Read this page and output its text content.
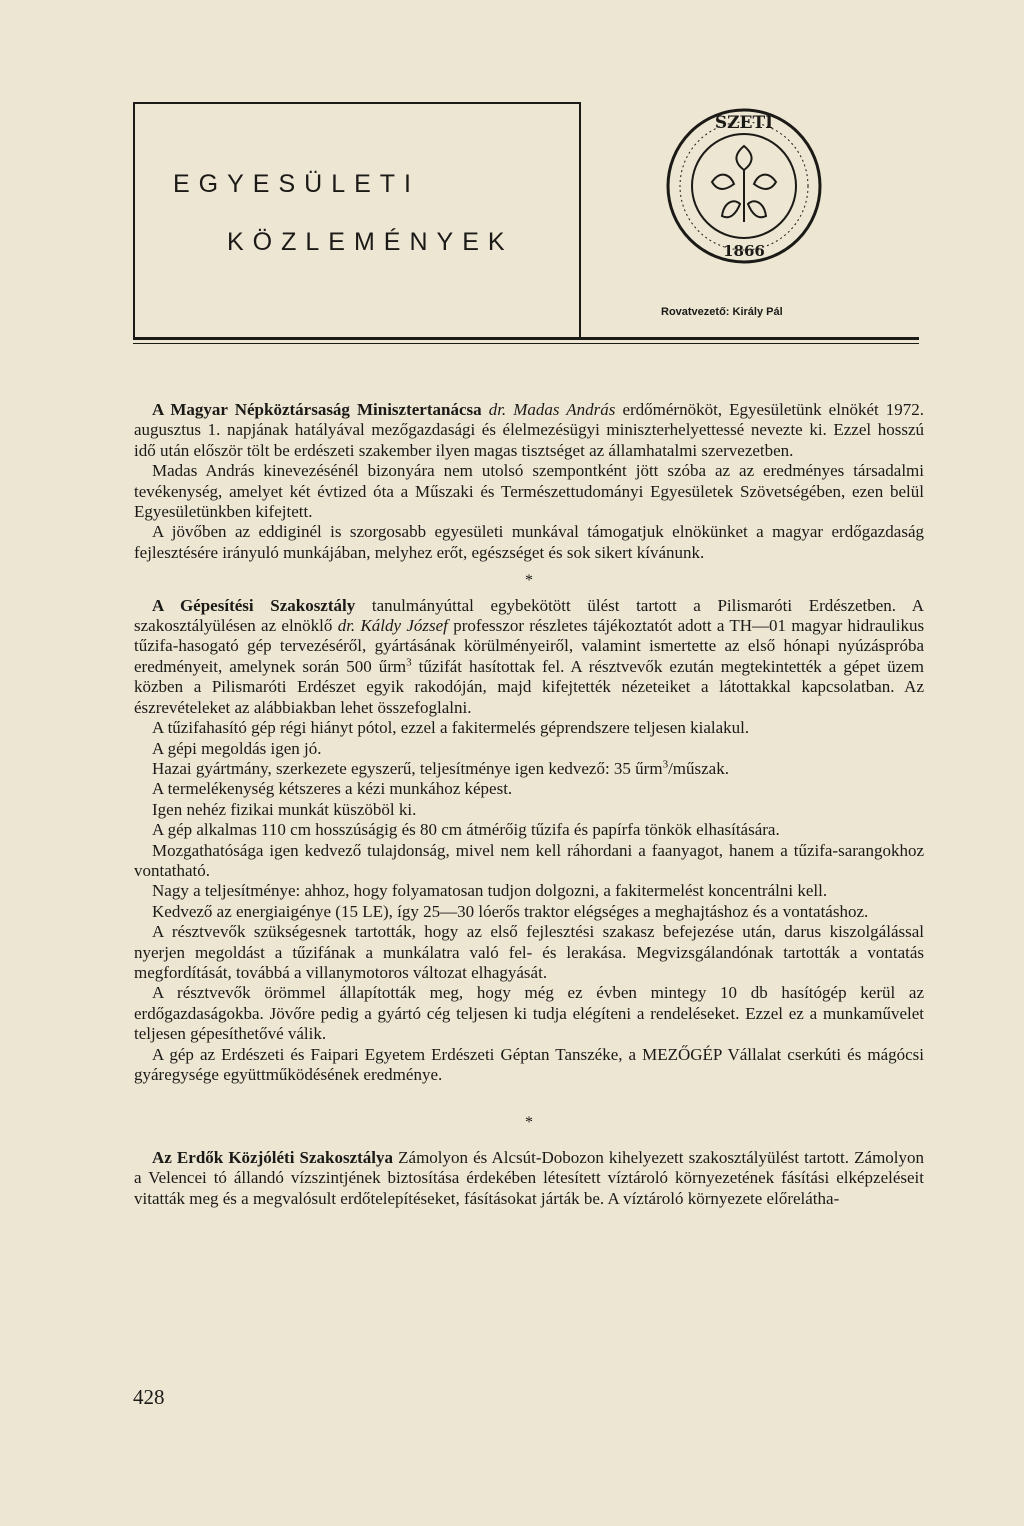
EGYESÜLETI
KÖZLEMÉNYEK
SZETI
1866
Rovatvezető: Király Pál

A Magyar Népköztársaság Minisztertanácsa dr. Madas András erdőmérnököt, Egyesületünk elnökét 1972. augusztus 1. napjának hatályával mezőgazdasági és élelmezésügyi miniszterhelyettessé nevezte ki. Ezzel hosszú idő után először tölt be erdészeti szakember ilyen magas tisztséget az államhatalmi szervezetben.

Madas András kinevezésénél bizonyára nem utolsó szempontként jött szóba az az eredményes társadalmi tevékenység, amelyet két évtized óta a Műszaki és Természettudományi Egyesületek Szövetségében, ezen belül Egyesületünkben kifejtett.

A jövőben az eddiginél is szorgosabb egyesületi munkával támogatjuk elnökünket a magyar erdőgazdaság fejlesztésére irányuló munkájában, melyhez erőt, egészséget és sok sikert kívánunk.

*

A Gépesítési Szakosztály tanulmányúttal egybekötött ülést tartott a Pilismaróti Erdészetben. A szakosztályülésen az elnöklő dr. Káldy József professzor részletes tájékoztatót adott a TH—01 magyar hidraulikus tűzifa-hasogató gép tervezéséről, gyártásának körülményeiről, valamint ismertette az első hónapi nyúzáspróba eredményeit, amelynek során 500 űrm$^3$ tűzifát hasítottak fel. A résztvevők ezután megtekintették a gépet üzem közben a Pilismaróti Erdészet egyik rakodóján, majd kifejtették nézeteiket a látottakkal kapcsolatban. Az észrevételeket az alábbiakban lehet összefoglalni.

A tűzifahasító gép régi hiányt pótol, ezzel a fakitermelés géprendszere teljesen kialakul.

A gépi megoldás igen jó.

Hazai gyártmány, szerkezete egyszerű, teljesítménye igen kedvező: 35 űrm$^3$/műszak.

A termelékenység kétszeres a kézi munkához képest.

Igen nehéz fizikai munkát küszöböl ki.

A gép alkalmas 110 cm hosszúságig és 80 cm átmérőig tűzifa és papírfa tönkök elhasítására.

Mozgathatósága igen kedvező tulajdonság, mivel nem kell ráhordani a faanyagot, hanem a tűzifa-sarangokhoz vontatható.

Nagy a teljesítménye: ahhoz, hogy folyamatosan tudjon dolgozni, a fakitermelést koncentrálni kell.

Kedvező az energiaigénye (15 LE), így 25—30 lóerős traktor elégséges a meghajtáshoz és a vontatáshoz.

A résztvevők szükségesnek tartották, hogy az első fejlesztési szakasz befejezése után, darus kiszolgálással nyerjen megoldást a tűzifának a munkálatra való fel- és lerakása. Megvizsgálandónak tartották a vontatás megfordítását, továbbá a villanymotoros változat elhagyását.

A résztvevők örömmel állapították meg, hogy még ez évben mintegy 10 db hasítógép kerül az erdőgazdaságokba. Jövőre pedig a gyártó cég teljesen ki tudja elégíteni a rendeléseket. Ezzel ez a munkaművelet teljesen gépesíthetővé válik.

A gép az Erdészeti és Faipari Egyetem Erdészeti Géptan Tanszéke, a MEZŐGÉP Vállalat cserkúti és mágócsi gyáregysége együttműködésének eredménye.

*

Az Erdők Közjóléti Szakosztálya Zámolyon és Alcsút-Dobozon kihelyezett szakosztályülést tartott. Zámolyon a Velencei tó állandó vízszintjének biztosítása érdekében létesített víztároló környezetének fásítási elképzeléseit vitatták meg és a megvalósult erdőtelepítéseket, fásításokat járták be. A víztároló környezete előrelátha-

428
